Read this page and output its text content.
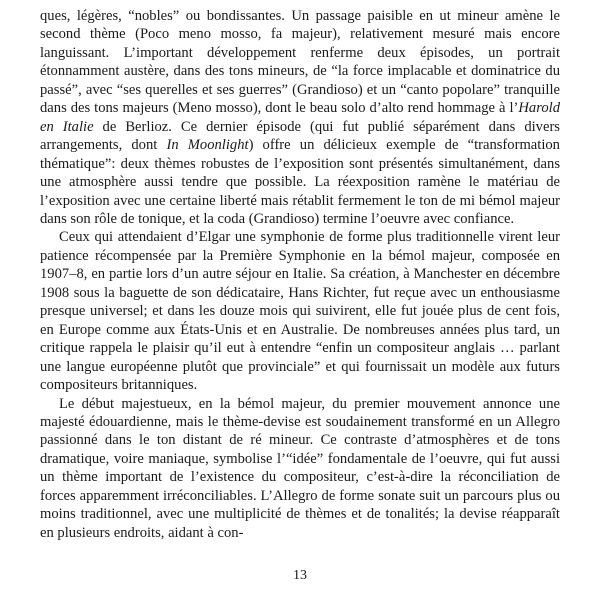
ques, légères, “nobles” ou bondissantes. Un passage paisible en ut mineur amène le second thème (Poco meno mosso, fa majeur), relativement mesuré mais encore languissant. L’important développement renferme deux épisodes, un portrait étonnamment austère, dans des tons mineurs, de “la force implacable et dominatrice du passé”, avec “ses querelles et ses guerres” (Grandioso) et un “canto popolare” tranquille dans des tons majeurs (Meno mosso), dont le beau solo d’alto rend hommage à l’Harold en Italie de Berlioz. Ce dernier épisode (qui fut publié séparément dans divers arrangements, dont In Moonlight) offre un délicieux exemple de “transformation thématique”: deux thèmes robustes de l’exposition sont présentés simultanément, dans une atmosphère aussi tendre que possible. La réexposition ramène le matériau de l’exposition avec une certaine liberté mais rétablit fermement le ton de mi bémol majeur dans son rôle de tonique, et la coda (Grandioso) termine l’oeuvre avec confiance.

Ceux qui attendaient d’Elgar une symphonie de forme plus traditionnelle virent leur patience récompensée par la Première Symphonie en la bémol majeur, composée en 1907–8, en partie lors d’un autre séjour en Italie. Sa création, à Manchester en décembre 1908 sous la baguette de son dédicataire, Hans Richter, fut reçue avec un enthousiasme presque universel; et dans les douze mois qui suivirent, elle fut jouée plus de cent fois, en Europe comme aux États-Unis et en Australie. De nombreuses années plus tard, un critique rappela le plaisir qu’il eut à entendre “enfin un compositeur anglais … parlant une langue européenne plutôt que provinciale” et qui fournissait un modèle aux futurs compositeurs britanniques.

Le début majestueux, en la bémol majeur, du premier mouvement annonce une majesté édouardienne, mais le thème-devise est soudainement transformé en un Allegro passionné dans le ton distant de ré mineur. Ce contraste d’atmosphères et de tons dramatique, voire maniaque, symbolise l’“idée” fondamentale de l’oeuvre, qui fut aussi un thème important de l’existence du compositeur, c’est-à-dire la réconciliation de forces apparemment irréconciliables. L’Allegro de forme sonate suit un parcours plus ou moins traditionnel, avec une multiplicité de thèmes et de tonalités; la devise réapparaît en plusieurs endroits, aidant à con-

13
